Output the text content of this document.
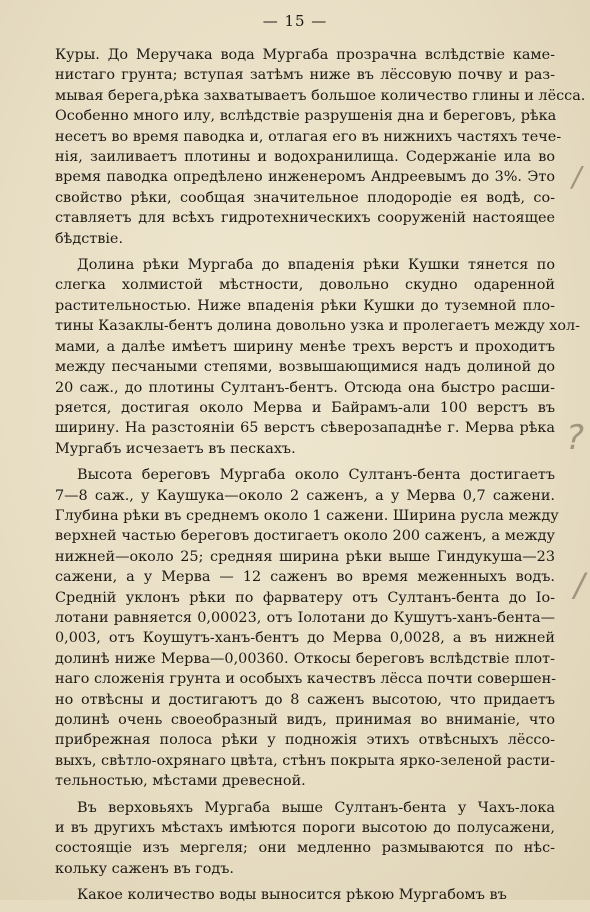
— 15 —
Куры. До Меручака вода Мургаба прозрачна вслѣдствіе каме-
нистаго грунта; вступая затѣмъ ниже въ лёссовую почву и раз-
мывая берега,рѣка захватываетъ большое количество глины и лёсса.
Особенно много илу, вслѣдствіе разрушенія дна и береговъ, рѣка
несетъ во время паводка и, отлагая его въ нижнихъ частяхъ тече-
нія, заиливаетъ плотины и водохранилища. Содержаніе ила во
время паводка опредѣлено инженеромъ Андреевымъ до 3%. Это
свойство рѣки, сообщая значительное плодородіе ея водѣ, со-
ставляетъ для всѣхъ гидротехническихъ сооруженій настоящее
бѣдствіе.
Долина рѣки Мургаба до впаденія рѣки Кушки тянется по
слегка холмистой мѣстности, довольно скудно одаренной
растительностью. Ниже впаденія рѣки Кушки до туземной пло-
тины Казаклы-бентъ долина довольно узка и пролегаетъ между хол-
мами, а далѣе имѣетъ ширину менѣе трехъ верстъ и проходитъ
между песчаными степями, возвышающимися надъ долиной до
20 саж., до плотины Султанъ-бентъ. Отсюда она быстро расши-
ряется, достигая около Мерва и Байрамъ-али 100 верстъ въ
ширину. На разстояніи 65 верстъ сѣверозападнѣе г. Мерва рѣка
Мургабъ исчезаетъ въ пескахъ.
Высота береговъ Мургаба около Султанъ-бента достигаетъ
7—8 саж., у Каушука—около 2 саженъ, а у Мерва 0,7 сажени.
Глубина рѣки въ среднемъ около 1 сажени. Ширина русла между
верхней частью береговъ достигаетъ около 200 саженъ, а между
нижней—около 25; средняя ширина рѣки выше Гиндукуша—23
сажени, а у Мерва — 12 саженъ во время меженныхъ водъ.
Средній уклонъ рѣки по фарватеру отъ Султанъ-бента до Іо-
лотани равняется 0,00023, отъ Іолотани до Кушутъ-ханъ-бента—
0,003, отъ Коушутъ-ханъ-бентъ до Мерва 0,0028, а въ нижней
долинѣ ниже Мерва—0,00360. Откосы береговъ вслѣдствіе плот-
наго сложенія грунта и особыхъ качествъ лёсса почти совершен-
но отвѣсны и достигаютъ до 8 саженъ высотою, что придаетъ
долинѣ очень своеобразный видъ, принимая во вниманіе, что
прибрежная полоса рѣки у подножія этихъ отвѣсныхъ лёссо-
выхъ, свѣтло-охрянаго цвѣта, стѣнъ покрыта ярко-зеленой расти-
тельностью, мѣстами древесной.
Въ верховьяхъ Мургаба выше Султанъ-бента у Чахъ-лока
и въ другихъ мѣстахъ имѣются пороги высотою до полусажени,
состоящіе изъ мергеля; они медленно размываются по нѣс-
кольку саженъ въ годъ.
Какое количество воды выносится рѣкою Мургабомъ въ
/
?
/
